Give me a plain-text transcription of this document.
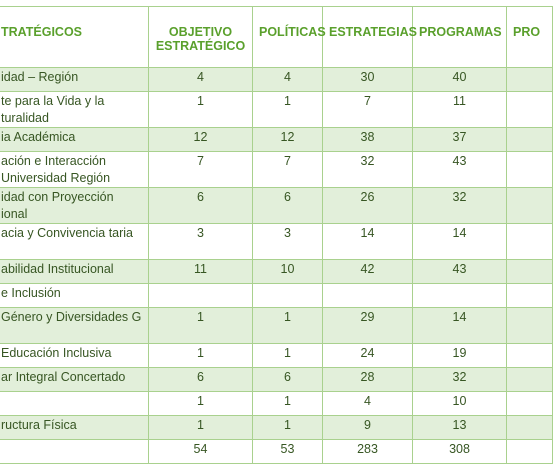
TRATÉGICOS	OBJETIVO ESTRATÉGICO	POLÍTICAS	ESTRATEGIAS	PROGRAMAS	PRO
idad – Región	4	4	30	40	
te para la Vida y la turalidad	1	1	7	11	
ia Académica	12	12	38	37	
ación e Interacción Universidad Región	7	7	32	43	
idad con Proyección ional	6	6	26	32	
acia y Convivencia taria	3	3	14	14	
abilidad Institucional	11	10	42	43	
e Inclusión					
Género y Diversidades G	1	1	29	14	
Educación Inclusiva	1	1	24	19	
ar Integral Concertado	6	6	28	32	
	1	1	4	10	
ructura Física	1	1	9	13	
	54	53	283	308	
